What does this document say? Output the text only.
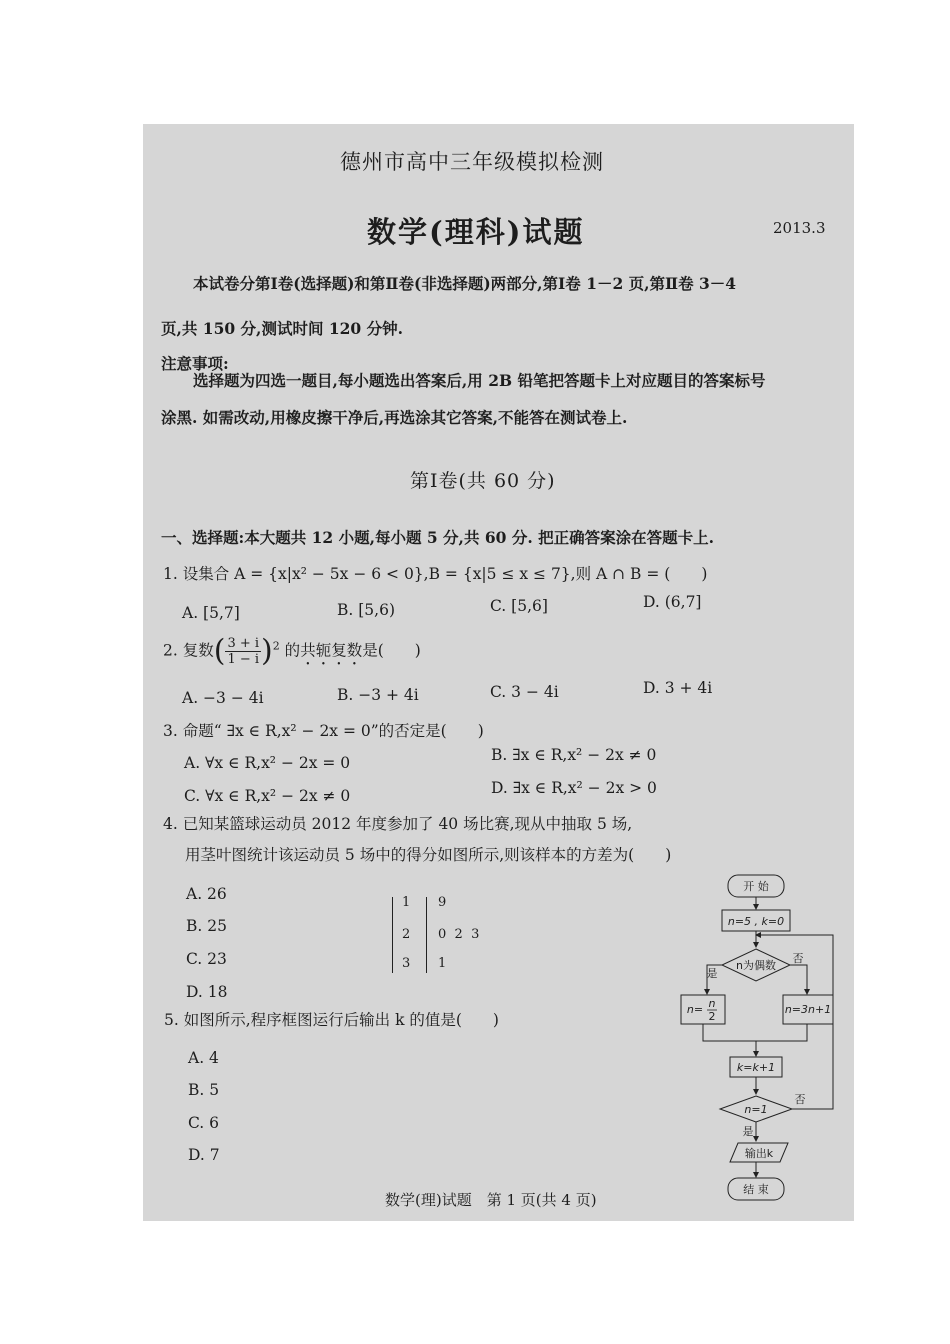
德州市高中三年级模拟检测
数学(理科)试题	2013.3
本试卷分第Ⅰ卷(选择题)和第Ⅱ卷(非选择题)两部分,第Ⅰ卷 1－2 页,第Ⅱ卷 3－4
页,共 150 分,测试时间 120 分钟.
注意事项:
选择题为四选一题目,每小题选出答案后,用 2B 铅笔把答题卡上对应题目的答案标号
涂黑. 如需改动,用橡皮擦干净后,再选涂其它答案,不能答在测试卷上.
第Ⅰ卷(共 60 分)
一、选择题:本大题共 12 小题,每小题 5 分,共 60 分. 把正确答案涂在答题卡上.
1. 设集合 A = {x|x² − 5x − 6 < 0},B = {x|5 ≤ x ≤ 7},则 A ∩ B = (　　)
A. [5,7]	B. [5,6)	C. [5,6]	D. (6,7]
2. 复数( $\frac{3 + i}{1 - i} )^2$ 的共轭复数是(　　)
A. −3 − 4i	B. −3 + 4i	C. 3 − 4i	D. 3 + 4i
3. 命题“ ∃x ∈ R,x² − 2x = 0”的否定是(　　)
A. ∀x ∈ R,x² − 2x = 0	B. ∃x ∈ R,x² − 2x ≠ 0
C. ∀x ∈ R,x² − 2x ≠ 0	D. ∃x ∈ R,x² − 2x > 0
4. 已知某篮球运动员 2012 年度参加了 40 场比赛,现从中抽取 5 场,
用茎叶图统计该运动员 5 场中的得分如图所示,则该样本的方差为(　　)
A. 26
B. 25
C. 23
D. 18
1 9
2 0  2  3
3 1
5. 如图所示,程序框图运行后输出 k 的值是(　　)
A. 4
B. 5
C. 6
D. 7
开 始
n=5 , k=0
n为偶数
是
否
n= n
2
n=3n+1
k=k+1
n=1
否
是
输出k
结 束
数学(理)试题　第 1 页(共 4 页)
